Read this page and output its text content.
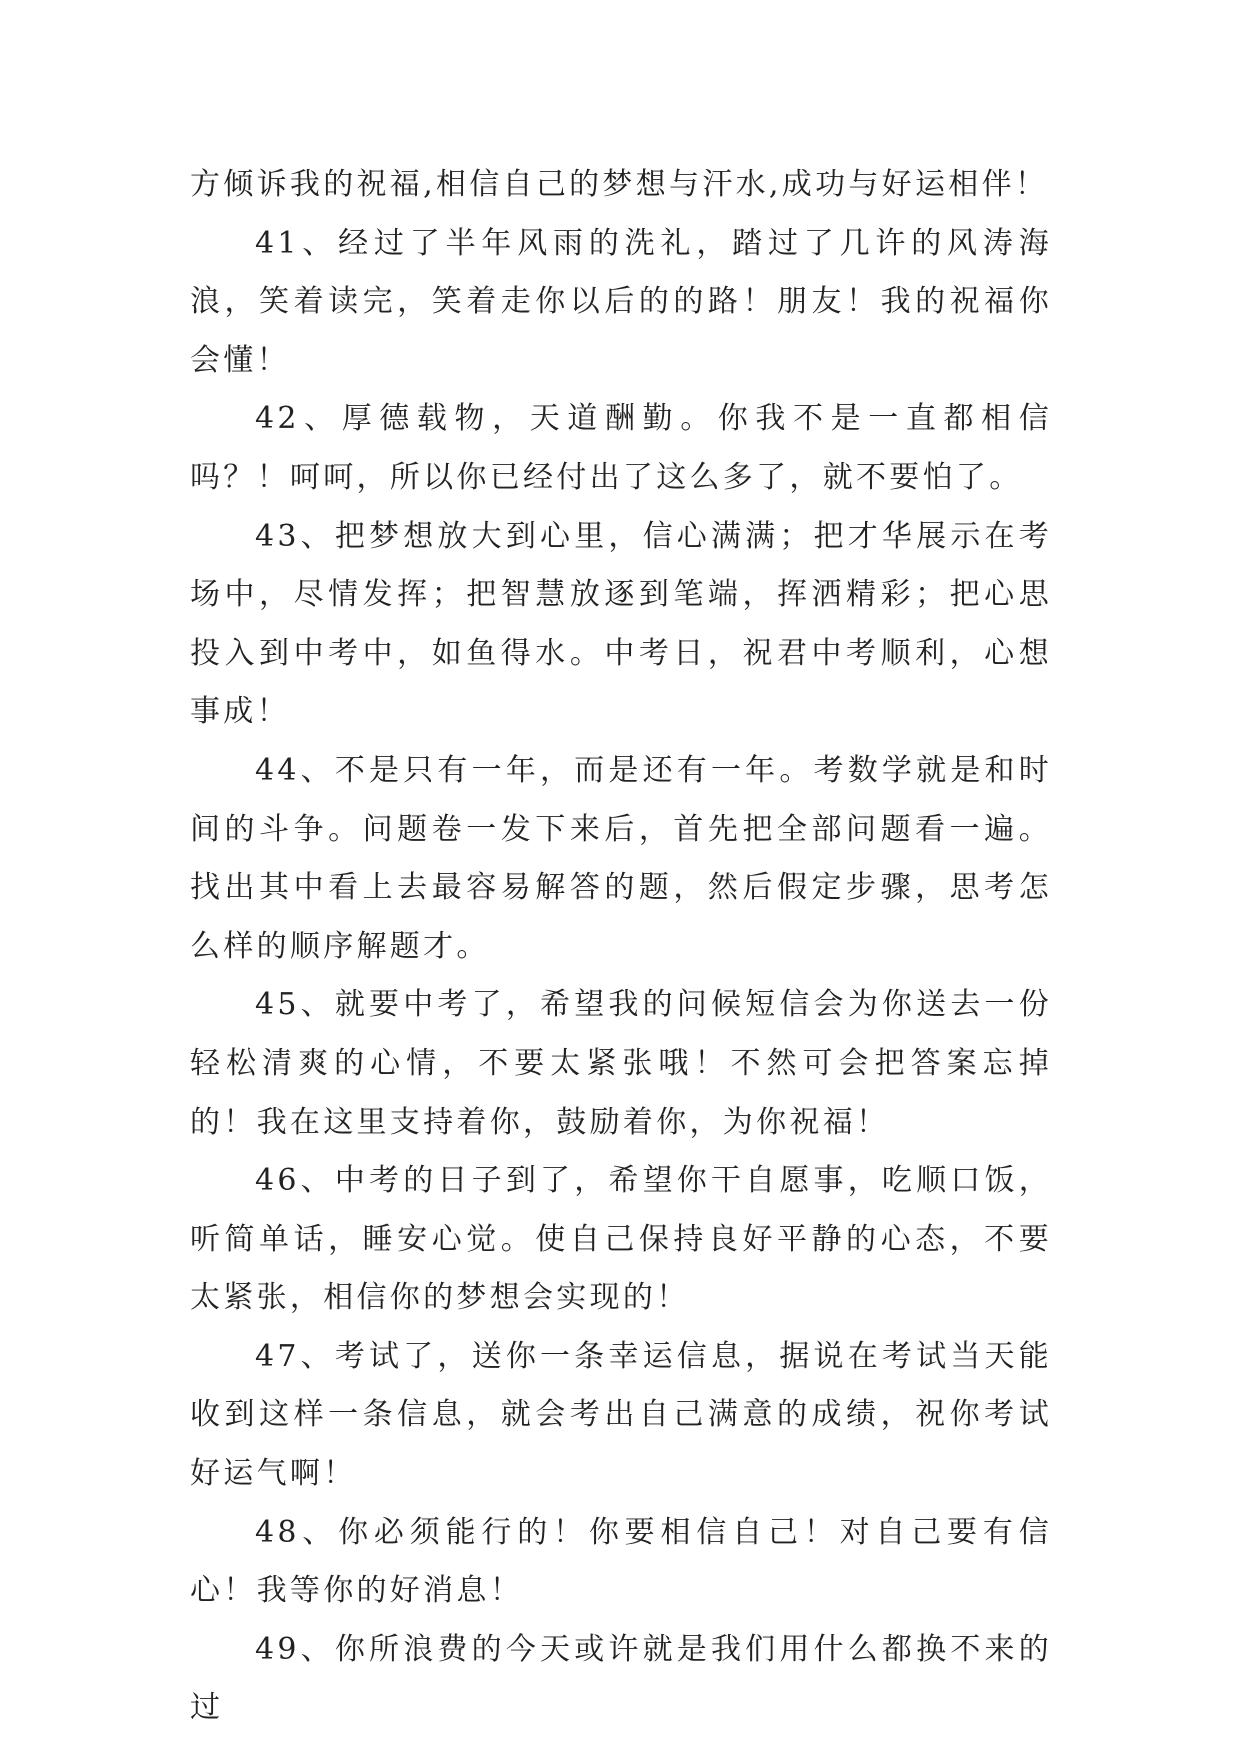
方倾诉我的祝福,相信自己的梦想与汗水,成功与好运相伴！

41、经过了半年风雨的洗礼，踏过了几许的风涛海浪，笑着读完，笑着走你以后的的路！朋友！我的祝福你会懂！

42、厚德载物，天道酬勤。你我不是一直都相信吗？！呵呵，所以你已经付出了这么多了，就不要怕了。

43、把梦想放大到心里，信心满满；把才华展示在考场中，尽情发挥；把智慧放逐到笔端，挥洒精彩；把心思投入到中考中，如鱼得水。中考日，祝君中考顺利，心想事成！

44、不是只有一年，而是还有一年。考数学就是和时间的斗争。问题卷一发下来后，首先把全部问题看一遍。找出其中看上去最容易解答的题，然后假定步骤，思考怎么样的顺序解题才。

45、就要中考了，希望我的问候短信会为你送去一份轻松清爽的心情，不要太紧张哦！不然可会把答案忘掉的！我在这里支持着你，鼓励着你，为你祝福！

46、中考的日子到了，希望你干自愿事，吃顺口饭，听简单话，睡安心觉。使自己保持良好平静的心态，不要太紧张，相信你的梦想会实现的！

47、考试了，送你一条幸运信息，据说在考试当天能收到这样一条信息，就会考出自己满意的成绩，祝你考试好运气啊！

48、你必须能行的！你要相信自己！对自己要有信心！我等你的好消息！

49、你所浪费的今天或许就是我们用什么都换不来的过
